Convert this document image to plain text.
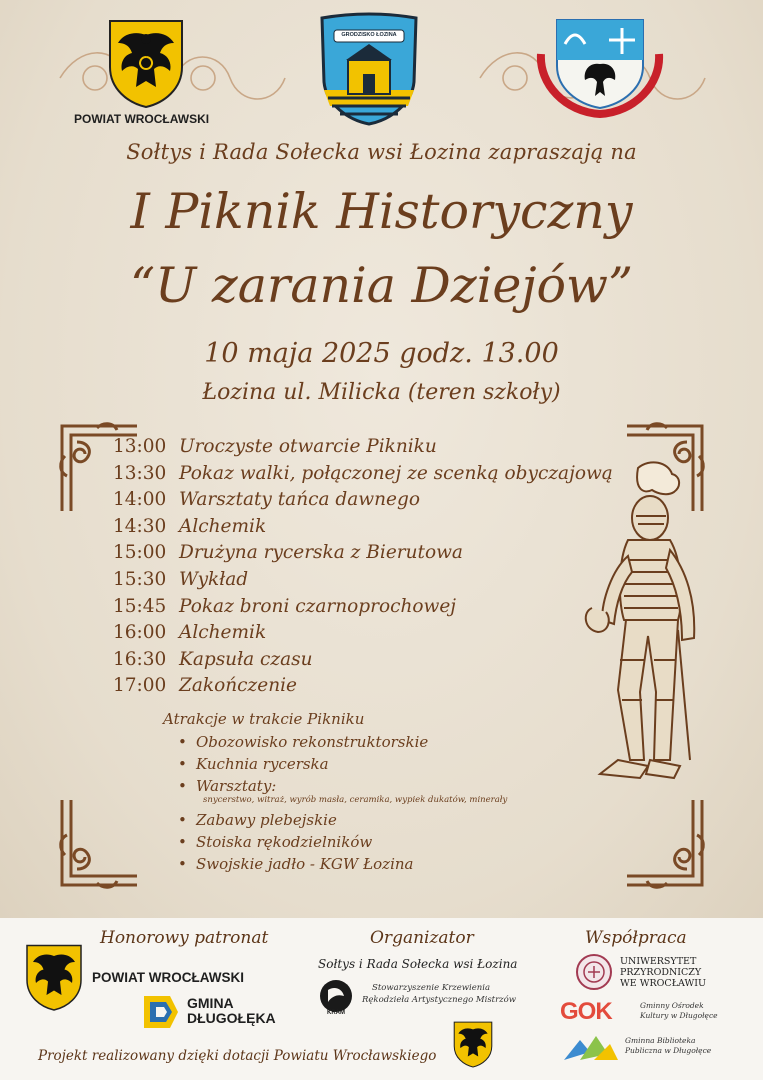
POWIAT WROCŁAWSKI
GRODZISKO ŁOZINA
Sołtys i Rada Sołecka wsi Łozina zapraszają na
I Piknik Historyczny
“U zarania Dziejów”
10 maja 2025 godz. 13.00
Łozina ul. Milicka (teren szkoły)
13:00 Uroczyste otwarcie Pikniku
13:30 Pokaz walki, połączonej ze scenką obyczajową
14:00 Warsztaty tańca dawnego
14:30 Alchemik
15:00 Drużyna rycerska z Bierutowa
15:30 Wykład
15:45 Pokaz broni czarnoprochowej
16:00 Alchemik
16:30 Kapsuła czasu
17:00 Zakończenie
Atrakcje w trakcie Pikniku
• Obozowisko rekonstruktorskie
• Kuchnia rycerska
• Warsztaty:
snycerstwo, witraż, wyrób masła, ceramika, wypiek dukatów, minerały
• Zabawy plebejskie
• Stoiska rękodzielników
• Swojskie jadło - KGW Łozina
Honorowy patronat
POWIAT WROCŁAWSKI
GMINA
DŁUGOŁĘKA
Organizator
Sołtys i Rada Sołecka wsi Łozina
KRAM
Stowarzyszenie Krzewienia
Rękodzieła Artystycznego Mistrzów
Współpraca
UNIWERSYTET
PRZYRODNICZY
WE WROCŁAWIU
GOK	Gminny Ośrodek
Kultury w Długołęce
Gminna Biblioteka
Publiczna w Długołęce
Projekt realizowany dzięki dotacji Powiatu Wrocławskiego
